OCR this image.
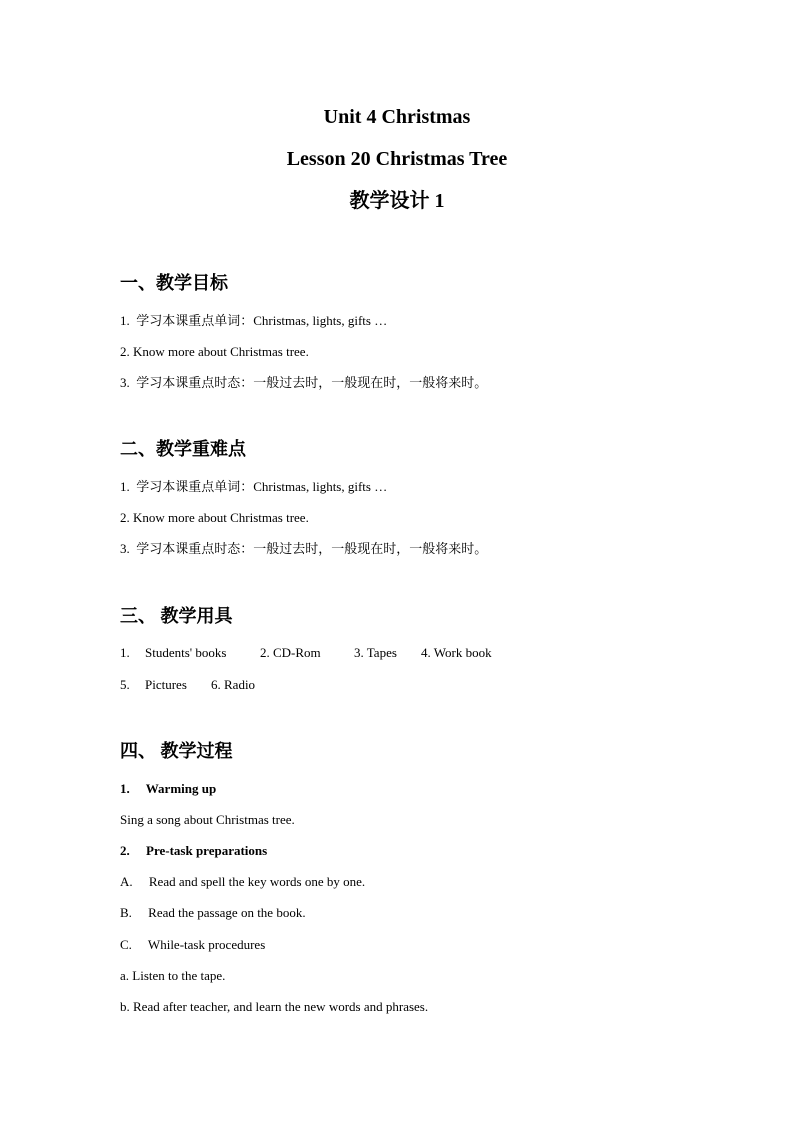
Unit 4 Christmas
Lesson 20 Christmas Tree
教学设计 1
一、教学目标
1.  学习本课重点单词：Christmas, lights, gifts …
2. Know more about Christmas tree.
3.  学习本课重点时态：一般过去时，一般现在时，一般将来时。
二、教学重难点
1.  学习本课重点单词：Christmas, lights, gifts …
2. Know more about Christmas tree.
3.  学习本课重点时态：一般过去时，一般现在时，一般将来时。
三、 教学用具
1. Students' books	2. CD-Rom	3. Tapes 4. Work book
5. Pictures 6. Radio
四、 教学过程
1.     Warming up
Sing a song about Christmas tree.
2.     Pre-task preparations
A.     Read and spell the key words one by one.
B.     Read the passage on the book.
C.     While-task procedures
a. Listen to the tape.
b. Read after teacher, and learn the new words and phrases.
